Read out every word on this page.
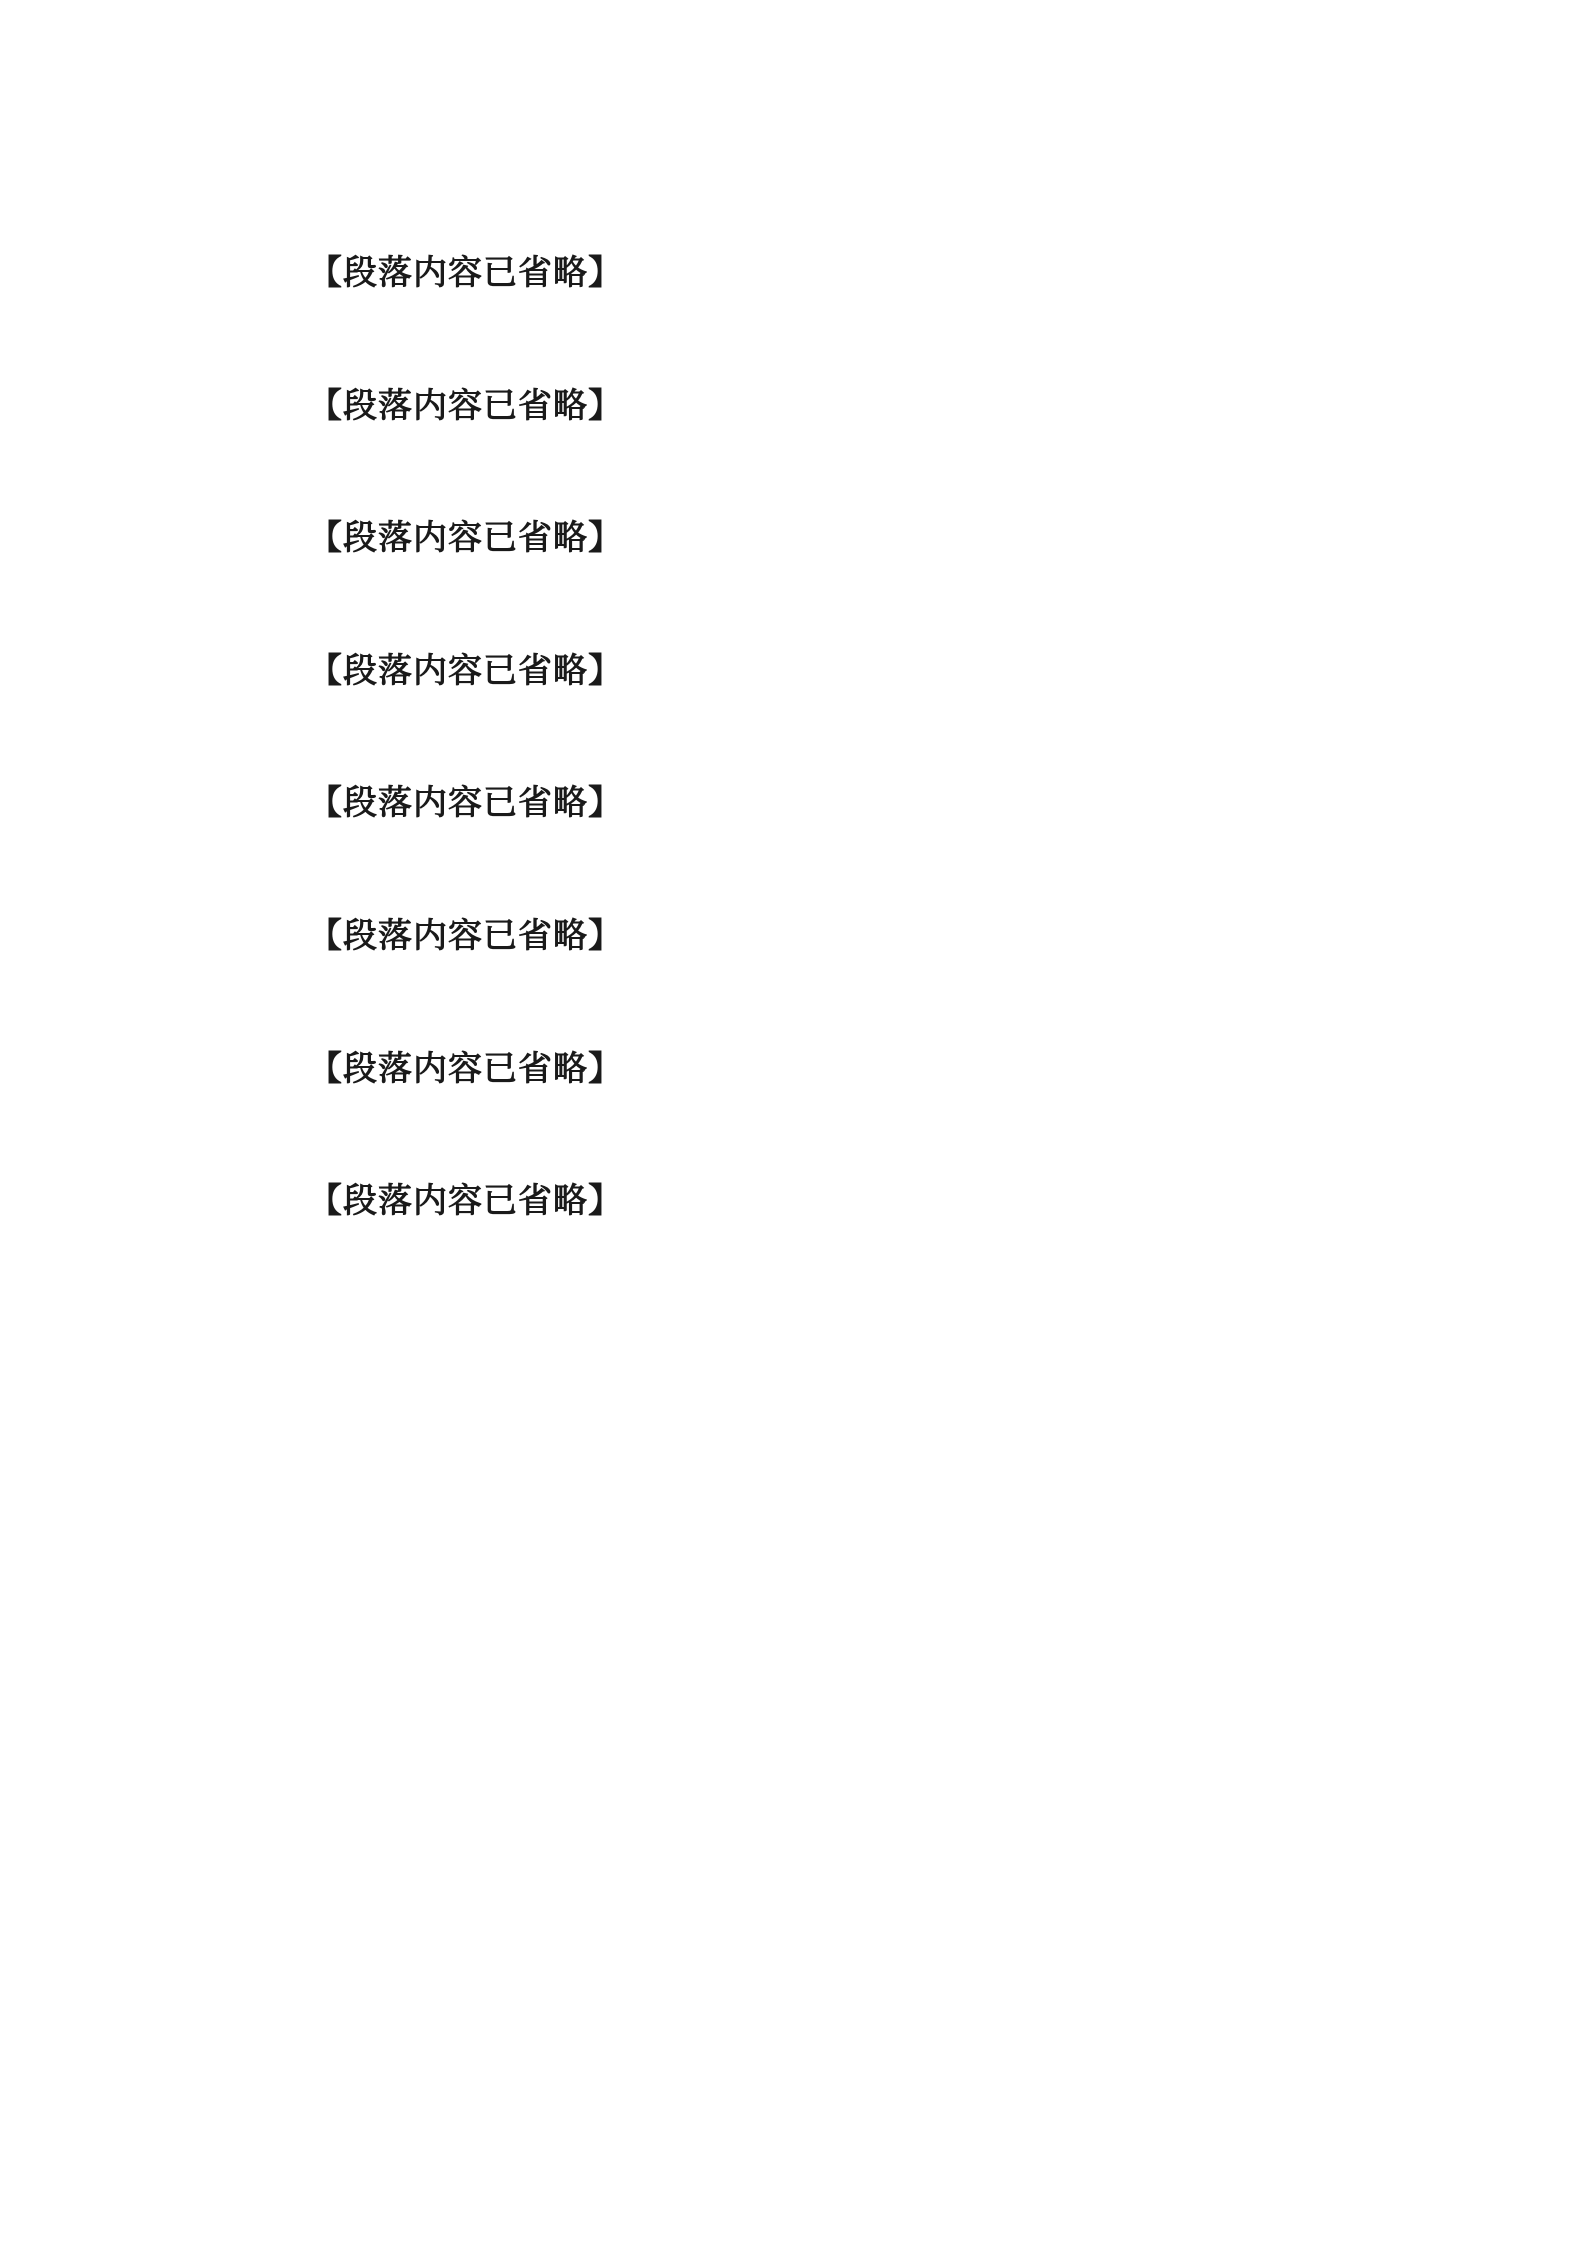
【段落内容已省略】

【段落内容已省略】

【段落内容已省略】

【段落内容已省略】

【段落内容已省略】

【段落内容已省略】

【段落内容已省略】

【段落内容已省略】
